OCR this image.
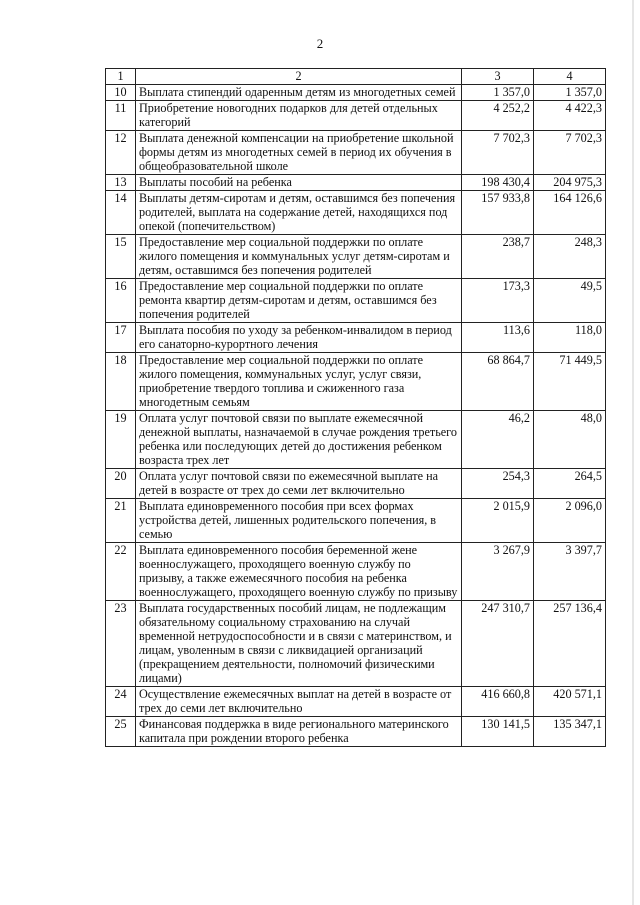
2
1	2	3	4
10	Выплата стипендий одаренным детям из многодетных семей	1 357,0	1 357,0
11	Приобретение новогодних подарков для детей отдельных категорий	4 252,2	4 422,3
12	Выплата денежной компенсации на приобретение школьной формы детям из многодетных семей в период их обучения в общеобразовательной школе	7 702,3	7 702,3
13	Выплаты пособий на ребенка	198 430,4	204 975,3
14	Выплаты детям-сиротам и детям, оставшимся без попечения родителей, выплата на содержание детей, находящихся под опекой (попечительством)	157 933,8	164 126,6
15	Предоставление мер социальной поддержки по оплате жилого помещения и коммунальных услуг детям-сиротам и детям, оставшимся без попечения родителей	238,7	248,3
16	Предоставление мер социальной поддержки по оплате ремонта квартир детям-сиротам и детям, оставшимся без попечения родителей	173,3	49,5
17	Выплата пособия по уходу за ребенком-инвалидом в период его санаторно-курортного лечения	113,6	118,0
18	Предоставление мер социальной поддержки по оплате жилого помещения, коммунальных услуг, услуг связи, приобретение твердого топлива и сжиженного газа многодетным семьям	68 864,7	71 449,5
19	Оплата услуг почтовой связи по выплате ежемесячной денежной выплаты, назначаемой в случае рождения третьего ребенка или последующих детей до достижения ребенком возраста трех лет	46,2	48,0
20	Оплата услуг почтовой связи по ежемесячной выплате на детей в возрасте от трех до семи лет включительно	254,3	264,5
21	Выплата единовременного пособия при всех формах устройства детей, лишенных родительского попечения, в семью	2 015,9	2 096,0
22	Выплата единовременного пособия беременной жене военнослужащего, проходящего военную службу по призыву, а также ежемесячного пособия на ребенка военнослужащего, проходящего военную службу по призыву	3 267,9	3 397,7
23	Выплата государственных пособий лицам, не подлежащим обязательному социальному страхованию на случай временной нетрудоспособности и в связи с материнством, и лицам, уволенным в связи с ликвидацией организаций (прекращением деятельности, полномочий физическими лицами)	247 310,7	257 136,4
24	Осуществление ежемесячных выплат на детей в возрасте от трех до семи лет включительно	416 660,8	420 571,1
25	Финансовая поддержка в виде регионального материнского капитала при рождении второго ребенка	130 141,5	135 347,1
